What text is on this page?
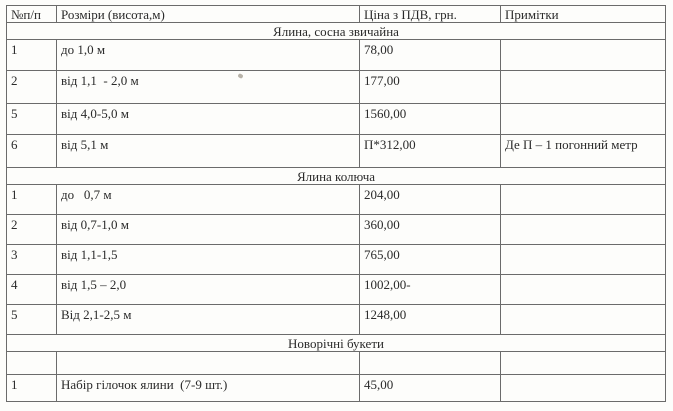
№п/п	Розміри (висота,м)	Ціна з ПДВ, грн.	Примітки
Ялина, сосна звичайна			
1	до 1,0 м	78,00	
2	від 1,1  - 2,0 м	177,00	
5	від 4,0-5,0 м	1560,00	
6	від 5,1 м	П*312,00	Де П – 1 погонний метр
Ялина колюча			
1	до   0,7 м	204,00	
2	від 0,7-1,0 м	360,00	
3	від 1,1-1,5	765,00	
4	від 1,5 – 2,0	1002,00-	
5	Від 2,1-2,5 м	1248,00	
Новорічні букети			

1	Набір гілочок ялини  (7-9 шт.)	45,00	
